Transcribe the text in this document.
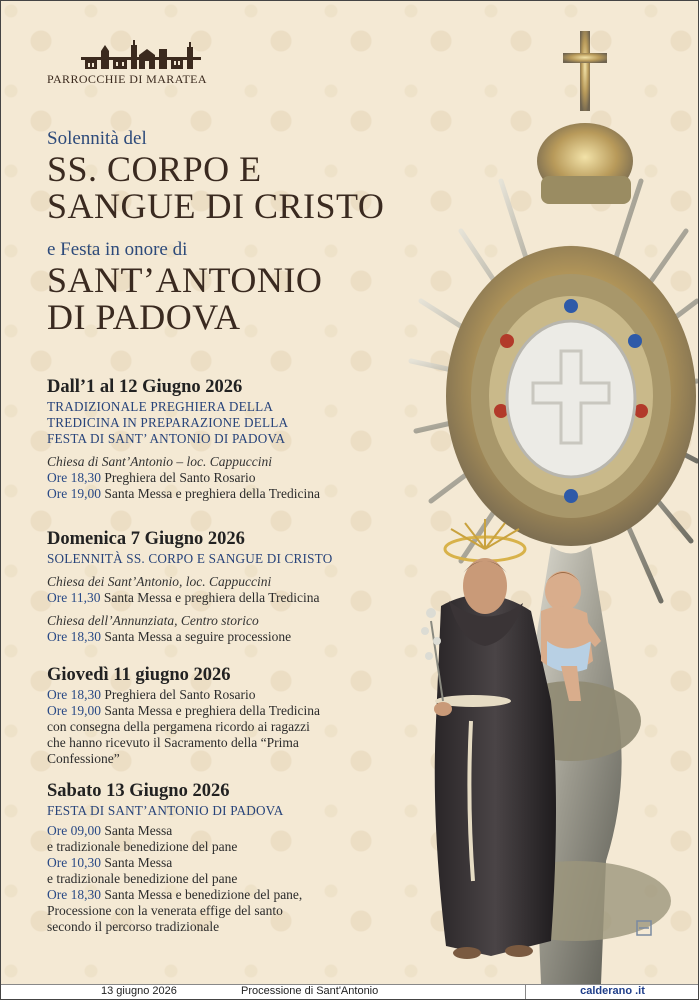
PARROCCHIE DI MARATEA
Solennità del
SS. CORPO E
SANGUE DI CRISTO
e Festa in onore di
SANT’ANTONIO
DI PADOVA
Dall’1 al 12 Giugno 2026
TRADIZIONALE PREGHIERA DELLA
TREDICINA IN PREPARAZIONE DELLA
FESTA DI SANT’ ANTONIO DI PADOVA
Chiesa di Sant’Antonio – loc. Cappuccini
Ore 18,30 Preghiera del Santo Rosario
Ore 19,00 Santa Messa e preghiera della Tredicina
Domenica 7 Giugno 2026
SOLENNITÀ SS. CORPO E SANGUE DI CRISTO
Chiesa dei Sant’Antonio, loc. Cappuccini
Ore 11,30 Santa Messa e preghiera della Tredicina
Chiesa dell’Annunziata, Centro storico
Ore 18,30 Santa Messa a seguire processione
Giovedì 11 giugno 2026
Ore 18,30 Preghiera del Santo Rosario
Ore 19,00 Santa Messa e preghiera della Tredicina
con consegna della pergamena ricordo ai ragazzi
che hanno ricevuto il Sacramento della “Prima
Confessione”
Sabato 13 Giugno 2026
FESTA DI SANT’ANTONIO DI PADOVA
Ore 09,00 Santa Messa
e tradizionale benedizione del pane
Ore 10,30 Santa Messa
e tradizionale benedizione del pane
Ore 18,30 Santa Messa e benedizione del pane,
Processione con la venerata effige del santo
secondo il percorso tradizionale
13 giugno 2026	Processione di Sant'Antonio	calderano .it
